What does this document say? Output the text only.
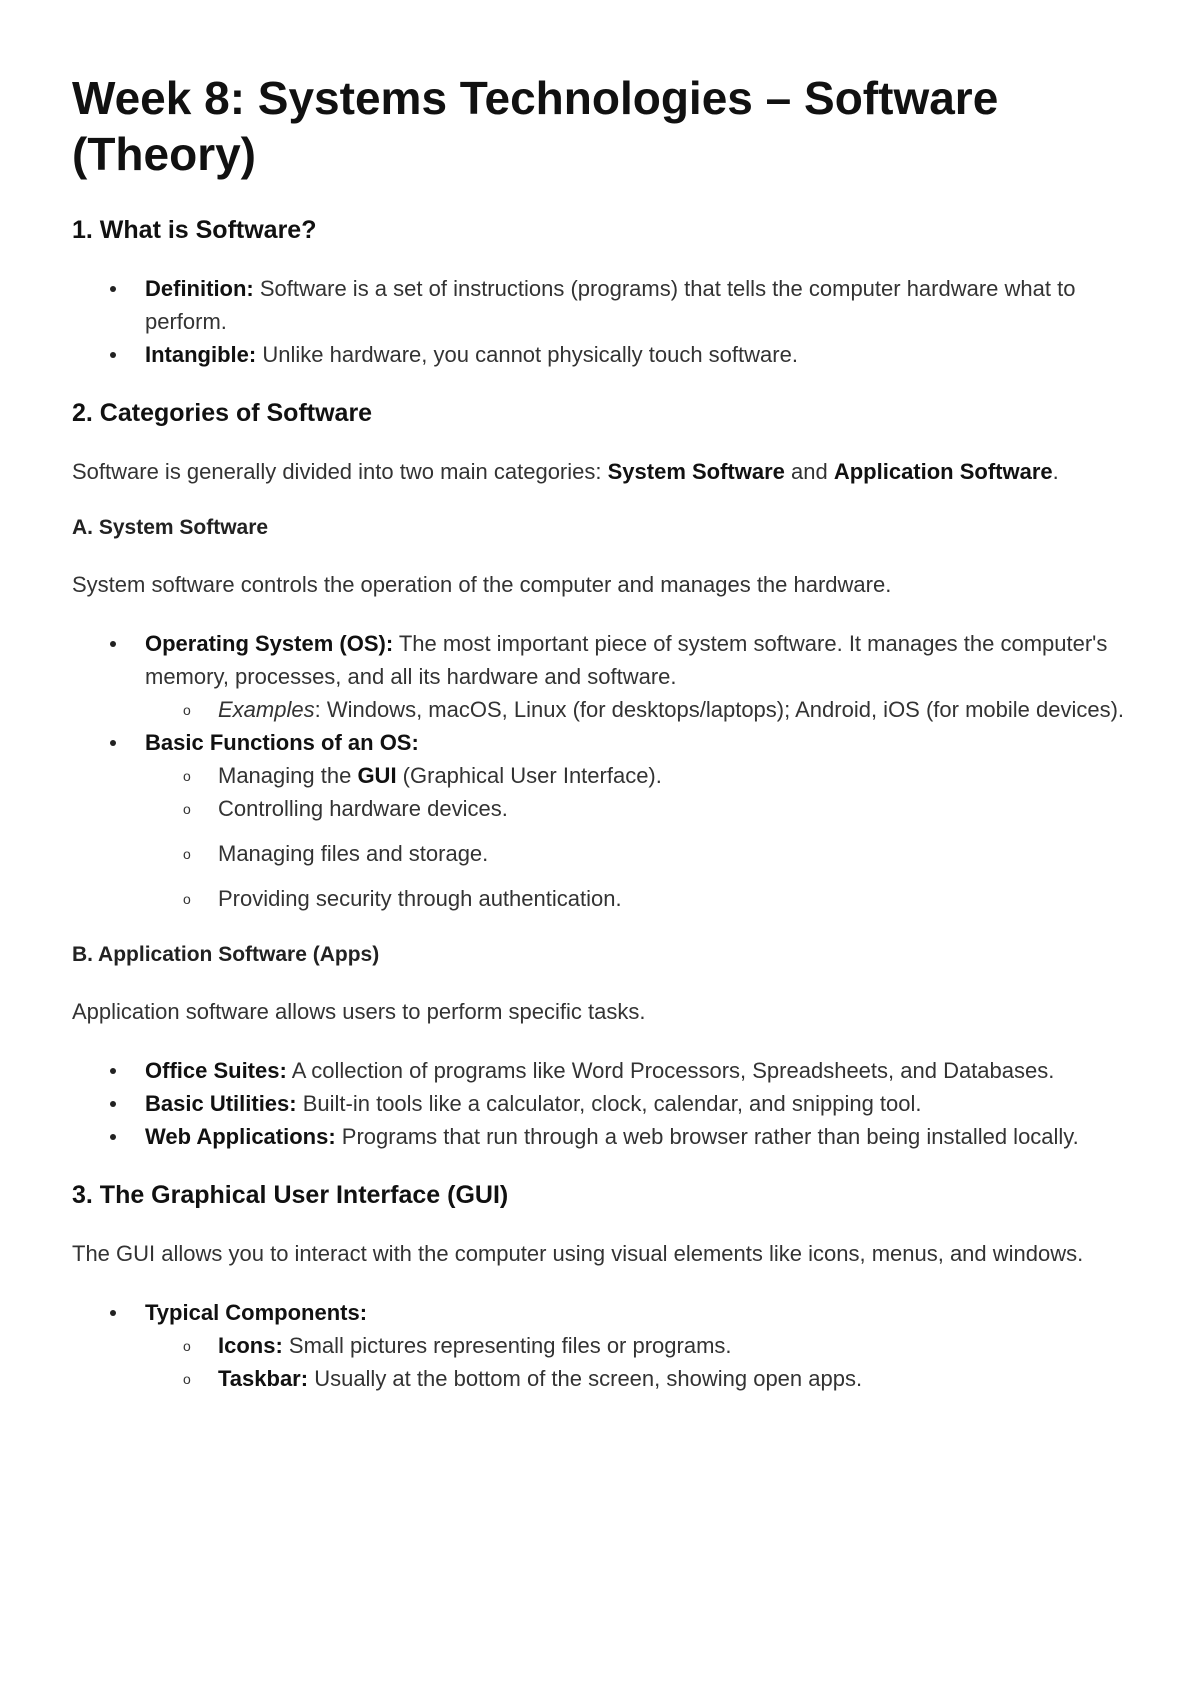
Week 8: Systems Technologies – Software (Theory)
1. What is Software?
Definition: Software is a set of instructions (programs) that tells the computer hardware what to perform.
Intangible: Unlike hardware, you cannot physically touch software.
2. Categories of Software

Software is generally divided into two main categories: System Software and Application Software.

A. System Software

System software controls the operation of the computer and manages the hardware.

Operating System (OS): The most important piece of system software. It manages the computer's memory, processes, and all its hardware and software.
o	Examples: Windows, macOS, Linux (for desktops/laptops); Android, iOS (for mobile devices).
Basic Functions of an OS:
o	Managing the GUI (Graphical User Interface).
o	Controlling hardware devices.
o	Managing files and storage.
o	Providing security through authentication.
B. Application Software (Apps)

Application software allows users to perform specific tasks.

Office Suites: A collection of programs like Word Processors, Spreadsheets, and Databases.
Basic Utilities: Built-in tools like a calculator, clock, calendar, and snipping tool.
Web Applications: Programs that run through a web browser rather than being installed locally.
3. The Graphical User Interface (GUI)

The GUI allows you to interact with the computer using visual elements like icons, menus, and windows.

Typical Components:
o	Icons: Small pictures representing files or programs.
o	Taskbar: Usually at the bottom of the screen, showing open apps.
